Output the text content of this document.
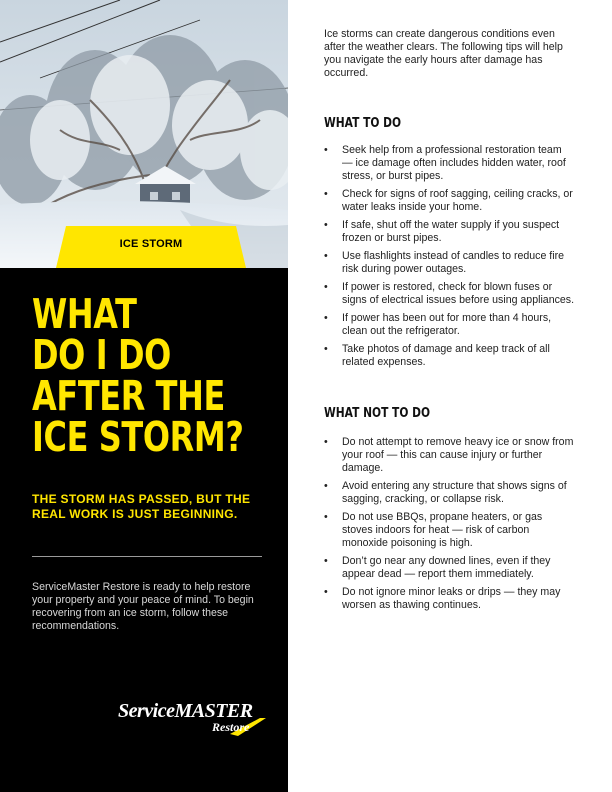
ICE STORM
WHAT
DO I DO
AFTER THE
ICE STORM?
THE STORM HAS PASSED, BUT THE REAL WORK IS JUST BEGINNING.
ServiceMaster Restore is ready to help restore your property and your peace of mind. To begin recovering from an ice storm, follow these recommendations.
ServiceMASTER
Restore
Ice storms can create dangerous conditions even after the weather clears. The following tips will help you navigate the early hours after damage has occurred.
WHAT TO DO
• Seek help from a professional restoration team — ice damage often includes hidden water, roof stress, or burst pipes.
• Check for signs of roof sagging, ceiling cracks, or water leaks inside your home.
• If safe, shut off the water supply if you suspect frozen or burst pipes.
• Use flashlights instead of candles to reduce fire risk during power outages.
• If power is restored, check for blown fuses or signs of electrical issues before using appliances.
• If power has been out for more than 4 hours, clean out the refrigerator.
• Take photos of damage and keep track of all related expenses.
WHAT NOT TO DO
• Do not attempt to remove heavy ice or snow from your roof — this can cause injury or further damage.
• Avoid entering any structure that shows signs of sagging, cracking, or collapse risk.
• Do not use BBQs, propane heaters, or gas stoves indoors for heat — risk of carbon monoxide poisoning is high.
• Don’t go near any downed lines, even if they appear dead — report them immediately.
• Do not ignore minor leaks or drips — they may worsen as thawing continues.
